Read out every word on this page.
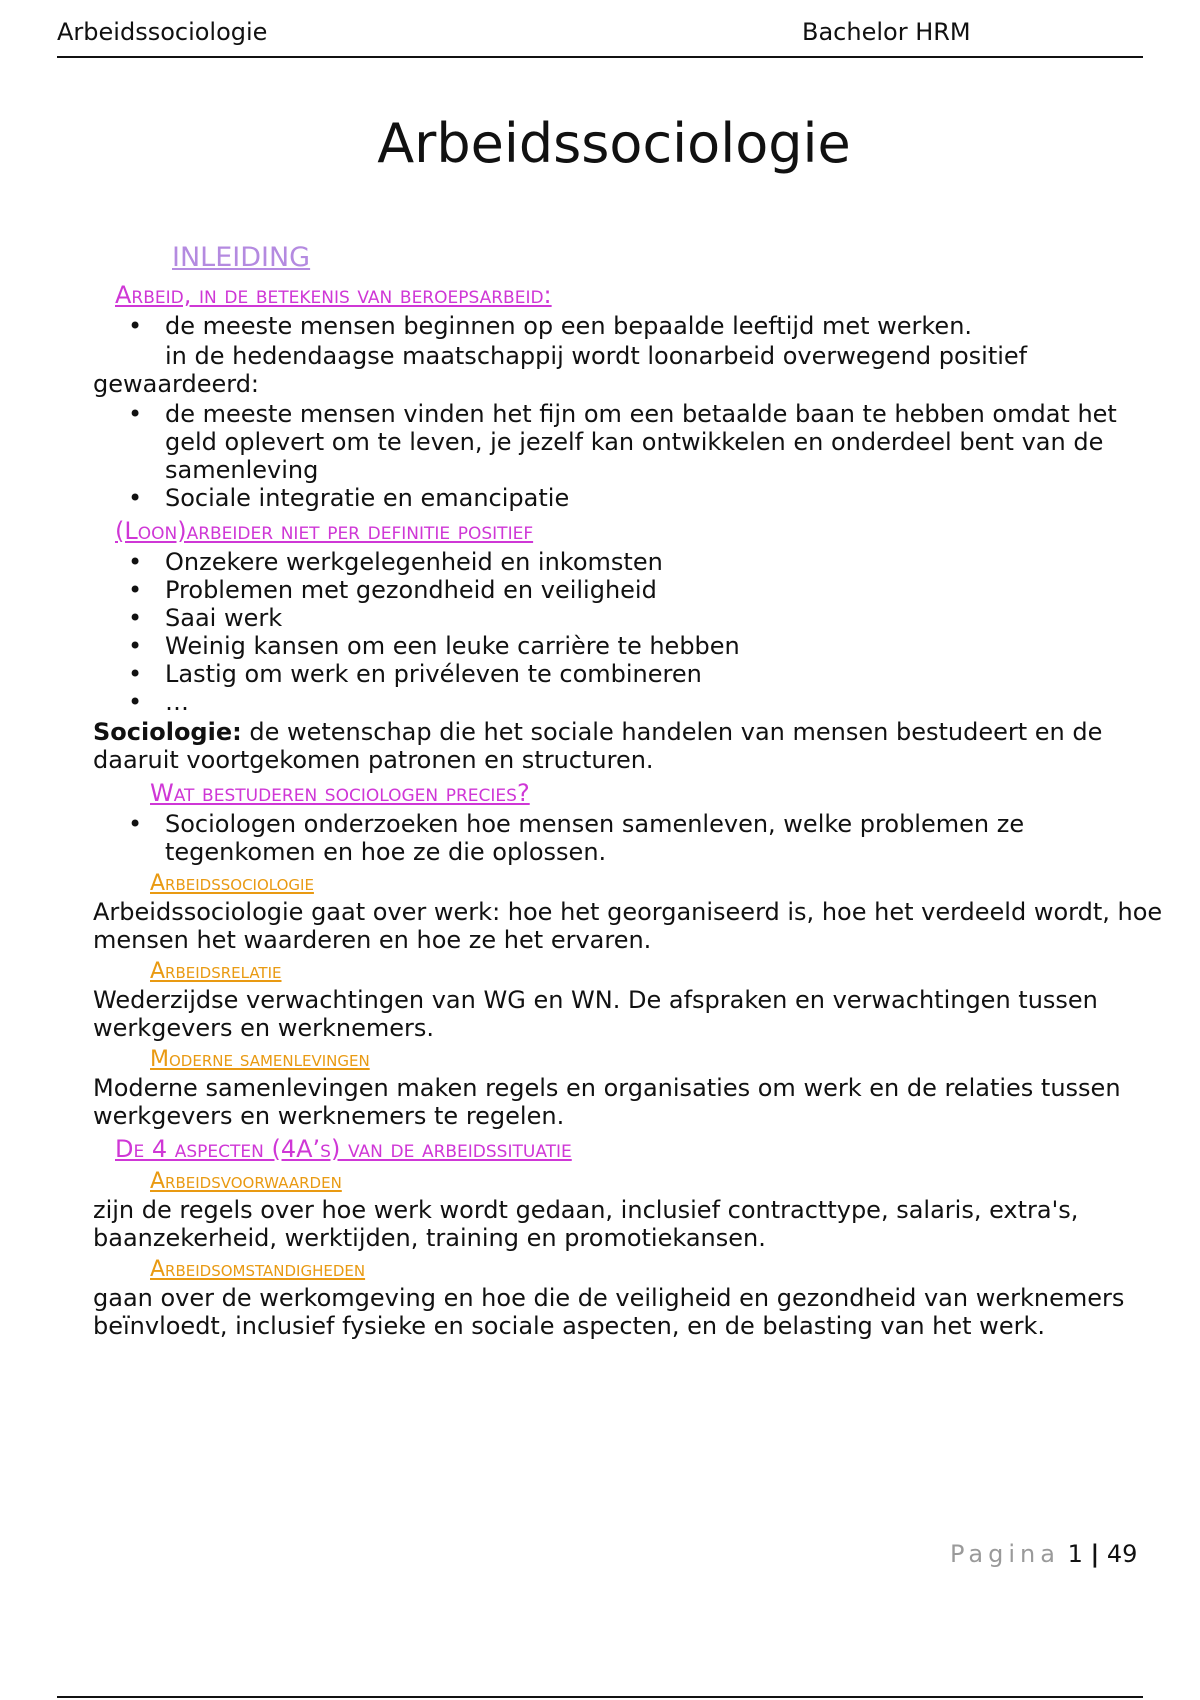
Arbeidssociologie	Bachelor HRM
Arbeidssociologie
INLEIDING
Arbeid, in de betekenis van beroepsarbeid:
• de meeste mensen beginnen op een bepaalde leeftijd met werken.

in de hedendaagse maatschappij wordt loonarbeid overwegend positief gewaardeerd:

• de meeste mensen vinden het fijn om een betaalde baan te hebben omdat het geld oplevert om te leven, je jezelf kan ontwikkelen en onderdeel bent van de samenleving
• Sociale integratie en emancipatie
(Loon)arbeider niet per definitie positief
• Onzekere werkgelegenheid en inkomsten
• Problemen met gezondheid en veiligheid
• Saai werk
• Weinig kansen om een leuke carrière te hebben
• Lastig om werk en privéleven te combineren
• …

Sociologie: de wetenschap die het sociale handelen van mensen bestudeert en de daaruit voortgekomen patronen en structuren.

Wat bestuderen sociologen precies?
• Sociologen onderzoeken hoe mensen samenleven, welke problemen ze tegenkomen en hoe ze die oplossen.
Arbeidssociologie

Arbeidssociologie gaat over werk: hoe het georganiseerd is, hoe het verdeeld wordt, hoe mensen het waarderen en hoe ze het ervaren.

Arbeidsrelatie

Wederzijdse verwachtingen van WG en WN. De afspraken en verwachtingen tussen werkgevers en werknemers.

Moderne samenlevingen

Moderne samenlevingen maken regels en organisaties om werk en de relaties tussen werkgevers en werknemers te regelen.

De 4 aspecten (4A’s) van de arbeidssituatie
Arbeidsvoorwaarden

zijn de regels over hoe werk wordt gedaan, inclusief contracttype, salaris, extra's, baanzekerheid, werktijden, training en promotiekansen.

Arbeidsomstandigheden

gaan over de werkomgeving en hoe die de veiligheid en gezondheid van werknemers beïnvloedt, inclusief fysieke en sociale aspecten, en de belasting van het werk.

Pagina 1 | 49
